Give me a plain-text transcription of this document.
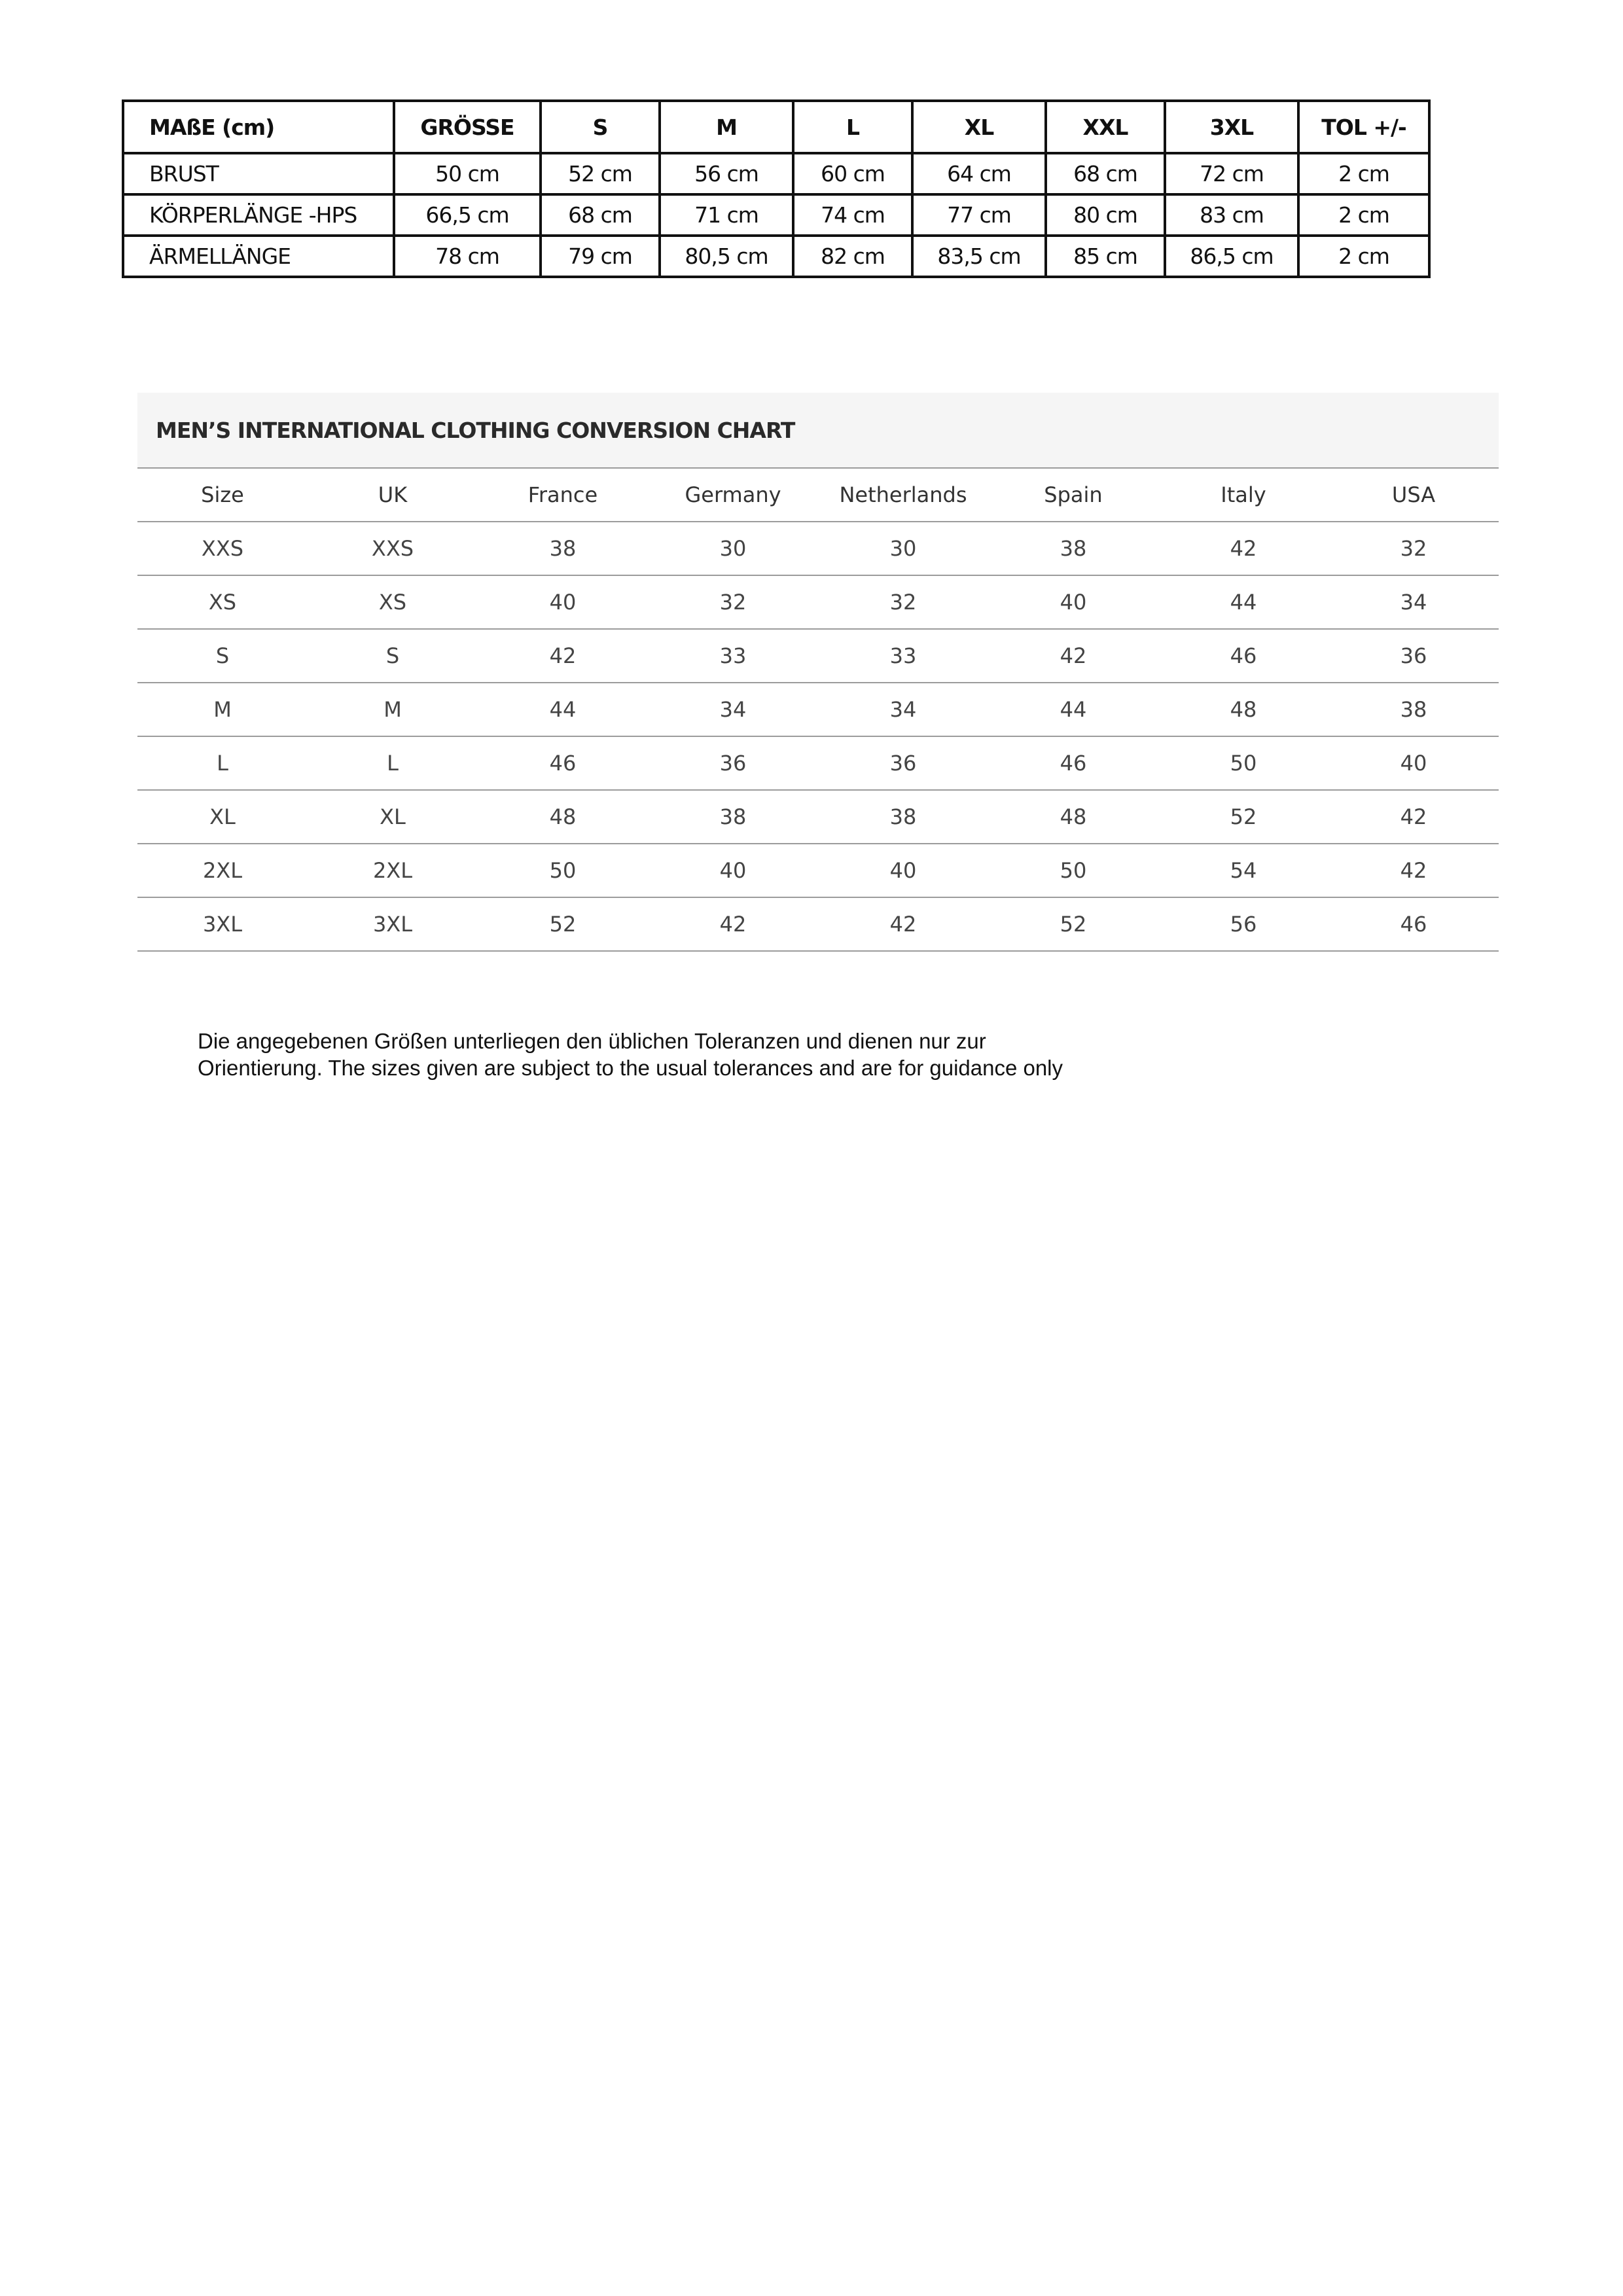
MAßE (cm)	GRÖSSE	S	M	L	XL	XXL	3XL	TOL +/-
BRUST	50 cm	52 cm	56 cm	60 cm	64 cm	68 cm	72 cm	2 cm
KÖRPERLÄNGE -HPS	66,5 cm	68 cm	71 cm	74 cm	77 cm	80 cm	83 cm	2 cm
ÄRMELLÄNGE	78 cm	79 cm	80,5 cm	82 cm	83,5 cm	85 cm	86,5 cm	2 cm
MEN’S INTERNATIONAL CLOTHING CONVERSION CHART
Size	UK	France	Germany	Netherlands	Spain	Italy	USA
XXS	XXS	38	30	30	38	42	32
XS	XS	40	32	32	40	44	34
S	S	42	33	33	42	46	36
M	M	44	34	34	44	48	38
L	L	46	36	36	46	50	40
XL	XL	48	38	38	48	52	42
2XL	2XL	50	40	40	50	54	42
3XL	3XL	52	42	42	52	56	46
Die angegebenen Größen unterliegen den üblichen Toleranzen und dienen nur zur
Orientierung. The sizes given are subject to the usual tolerances and are for guidance only
